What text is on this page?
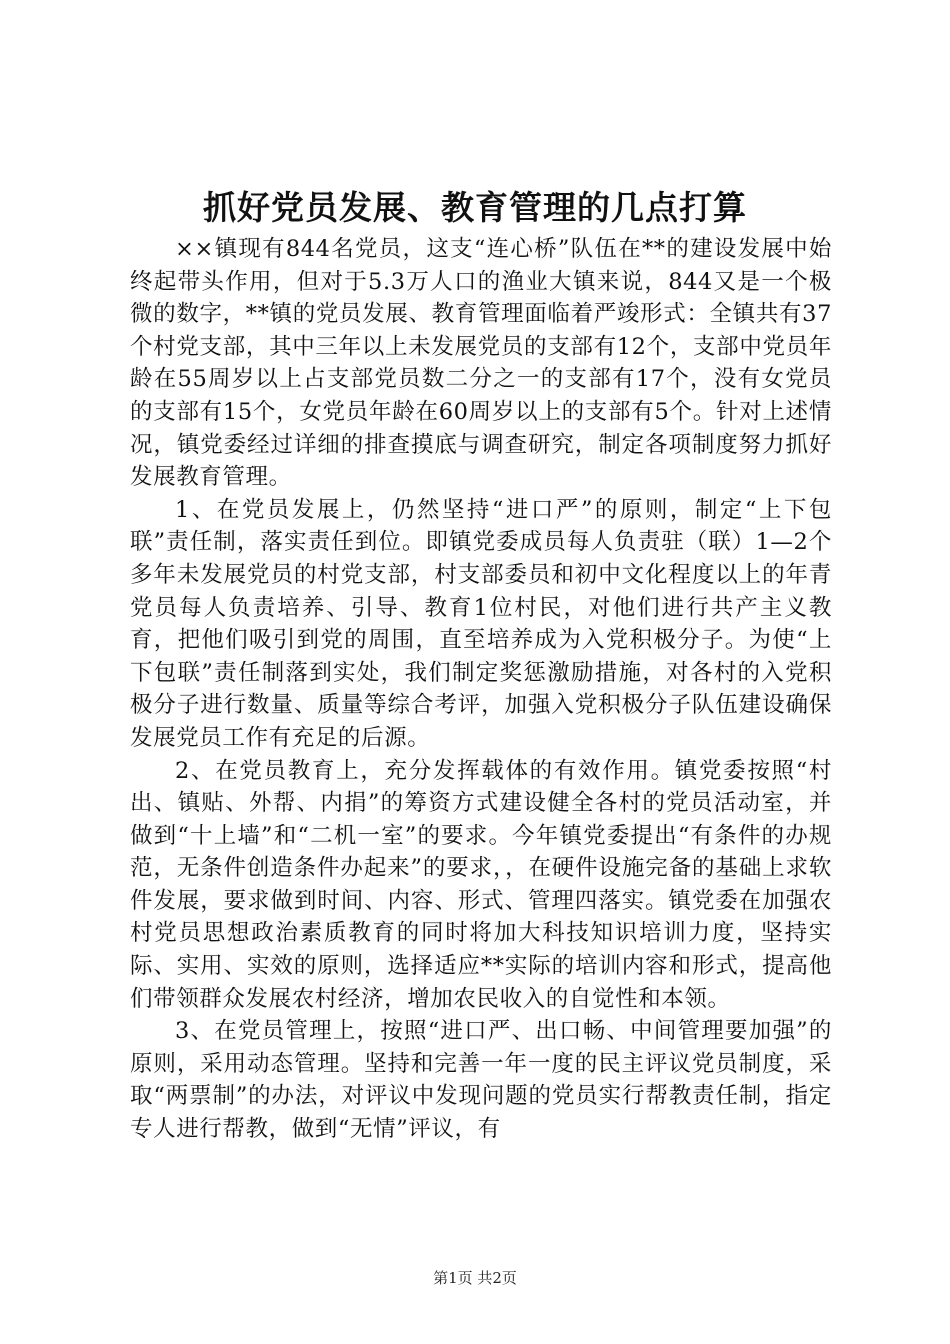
抓好党员发展、教育管理的几点打算

××镇现有844名党员，这支“连心桥”队伍在**的建设发展中始终起带头作用，但对于5.3万人口的渔业大镇来说，844又是一个极微的数字，**镇的党员发展、教育管理面临着严竣形式：全镇共有37个村党支部，其中三年以上未发展党员的支部有12个，支部中党员年龄在55周岁以上占支部党员数二分之一的支部有17个，没有女党员的支部有15个，女党员年龄在60周岁以上的支部有5个。针对上述情况，镇党委经过详细的排查摸底与调查研究，制定各项制度努力抓好发展教育管理。

1、在党员发展上，仍然坚持“进口严”的原则，制定“上下包联”责任制，落实责任到位。即镇党委成员每人负责驻（联）1—2个多年未发展党员的村党支部，村支部委员和初中文化程度以上的年青党员每人负责培养、引导、教育1位村民，对他们进行共产主义教育，把他们吸引到党的周围，直至培养成为入党积极分子。为使“上下包联”责任制落到实处，我们制定奖惩激励措施，对各村的入党积极分子进行数量、质量等综合考评，加强入党积极分子队伍建设确保发展党员工作有充足的后源。

2、在党员教育上，充分发挥载体的有效作用。镇党委按照“村出、镇贴、外帮、内捐”的筹资方式建设健全各村的党员活动室，并做到“十上墙”和“二机一室”的要求。今年镇党委提出“有条件的办规范，无条件创造条件办起来”的要求，，在硬件设施完备的基础上求软件发展，要求做到时间、内容、形式、管理四落实。镇党委在加强农村党员思想政治素质教育的同时将加大科技知识培训力度，坚持实际、实用、实效的原则，选择适应**实际的培训内容和形式，提高他们带领群众发展农村经济，增加农民收入的自觉性和本领。

3、在党员管理上，按照“进口严、出口畅、中间管理要加强”的原则，采用动态管理。坚持和完善一年一度的民主评议党员制度，采取“两票制”的办法，对评议中发现问题的党员实行帮教责任制，指定专人进行帮教，做到“无情”评议，有

第1页 共2页
